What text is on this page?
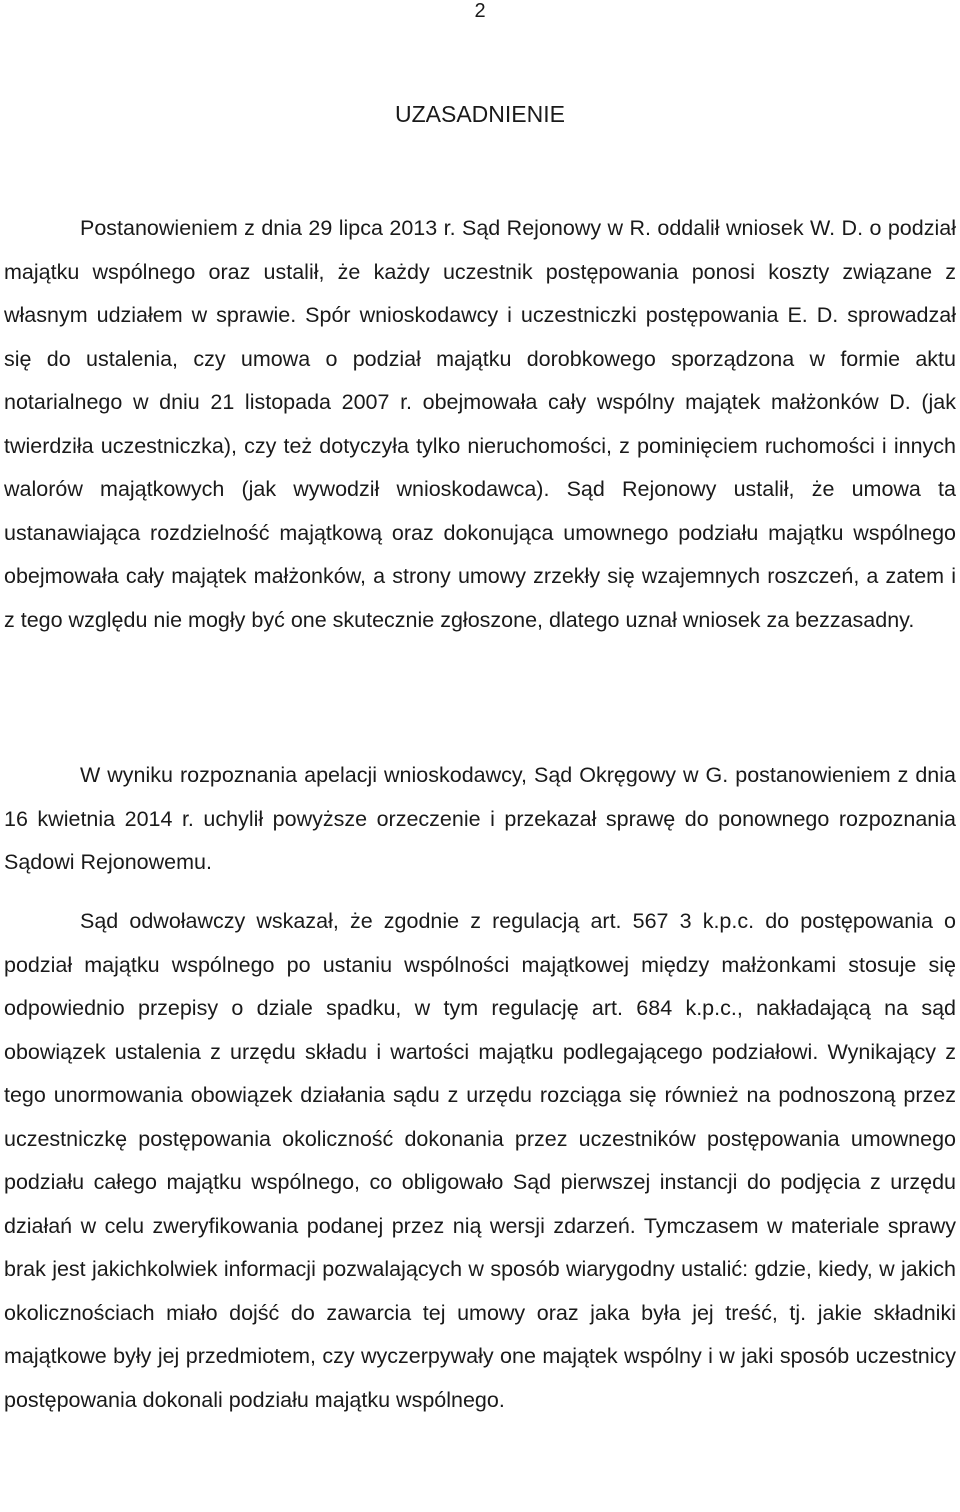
2
UZASADNIENIE

Postanowieniem z dnia 29 lipca 2013 r. Sąd Rejonowy w R. oddalił wniosek W. D. o podział majątku wspólnego oraz ustalił, że każdy uczestnik postępowania ponosi koszty związane z własnym udziałem w sprawie. Spór wnioskodawcy i uczestniczki postępowania E. D. sprowadzał się do ustalenia, czy umowa o podział majątku dorobkowego sporządzona w formie aktu notarialnego w dniu 21 listopada 2007 r. obejmowała cały wspólny majątek małżonków D. (jak twierdziła uczestniczka), czy też dotyczyła tylko nieruchomości, z pominięciem ruchomości i innych walorów majątkowych (jak wywodził wnioskodawca). Sąd Rejonowy ustalił, że umowa ta ustanawiająca rozdzielność majątkową oraz dokonująca umownego podziału majątku wspólnego obejmowała cały majątek małżonków, a strony umowy zrzekły się wzajemnych roszczeń, a zatem i z tego względu nie mogły być one skutecznie zgłoszone, dlatego uznał wniosek za bezzasadny.

W wyniku rozpoznania apelacji wnioskodawcy, Sąd Okręgowy w G. postanowieniem z dnia 16 kwietnia 2014 r. uchylił powyższe orzeczenie i przekazał sprawę do ponownego rozpoznania Sądowi Rejonowemu.

Sąd odwoławczy wskazał, że zgodnie z regulacją art. 567 3 k.p.c. do postępowania o podział majątku wspólnego po ustaniu wspólności majątkowej między małżonkami stosuje się odpowiednio przepisy o dziale spadku, w tym regulację art. 684 k.p.c., nakładającą na sąd obowiązek ustalenia z urzędu składu i wartości majątku podlegającego podziałowi. Wynikający z tego unormowania obowiązek działania sądu z urzędu rozciąga się również na podnoszoną przez uczestniczkę postępowania okoliczność dokonania przez uczestników postępowania umownego podziału całego majątku wspólnego, co obligowało Sąd pierwszej instancji do podjęcia z urzędu działań w celu zweryfikowania podanej przez nią wersji zdarzeń. Tymczasem w materiale sprawy brak jest jakichkolwiek informacji pozwalających w sposób wiarygodny ustalić: gdzie, kiedy, w jakich okolicznościach miało dojść do zawarcia tej umowy oraz jaka była jej treść, tj. jakie składniki majątkowe były jej przedmiotem, czy wyczerpywały one majątek wspólny i w jaki sposób uczestnicy postępowania dokonali podziału majątku wspólnego.
